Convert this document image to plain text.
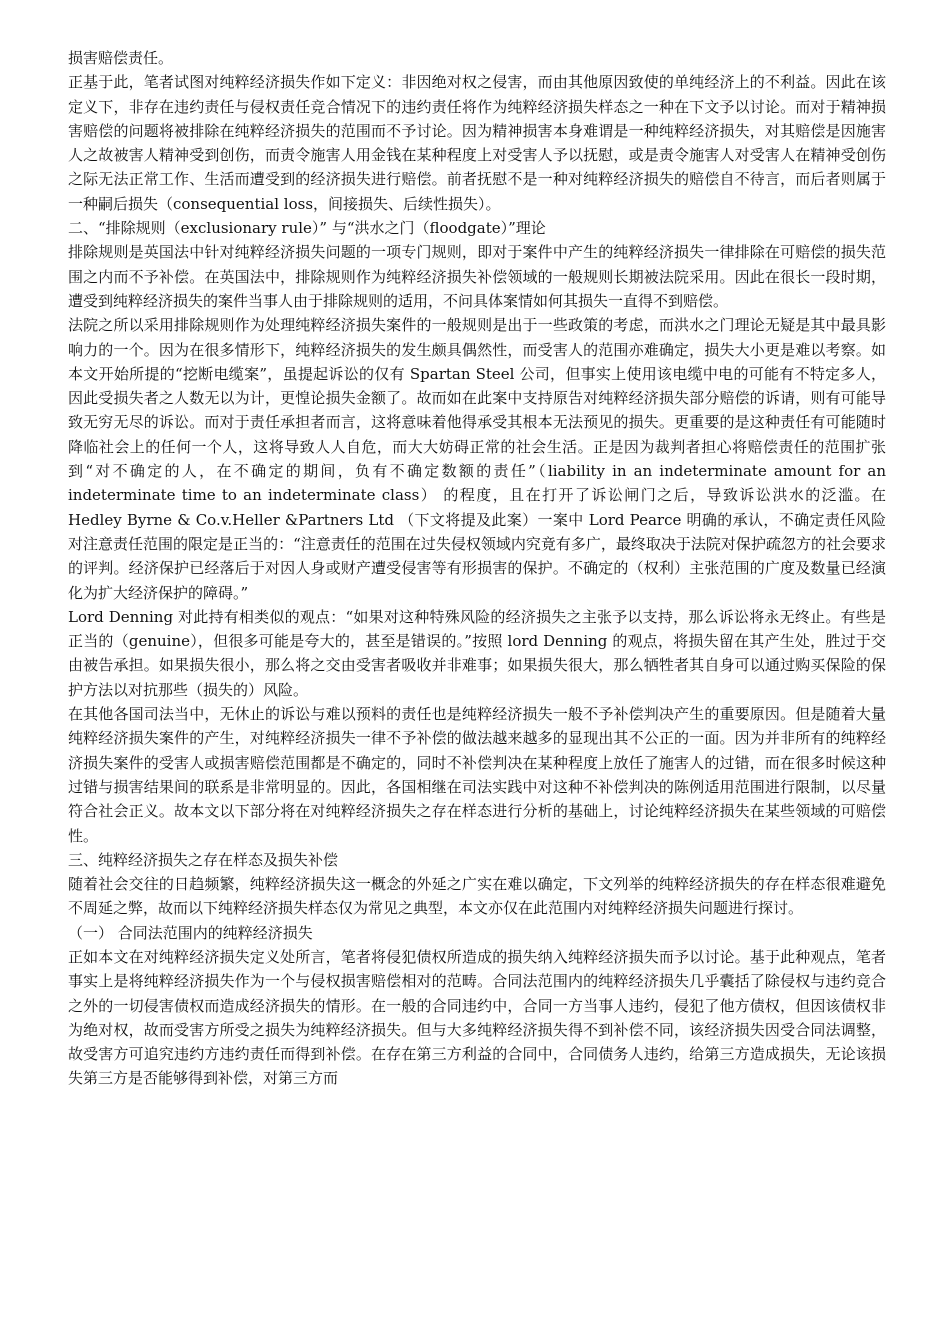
损害赔偿责任。

正基于此，笔者试图对纯粹经济损失作如下定义：非因绝对权之侵害，而由其他原因致使的单纯经济上的不利益。因此在该定义下，非存在违约责任与侵权责任竞合情况下的违约责任将作为纯粹经济损失样态之一种在下文予以讨论。而对于精神损害赔偿的问题将被排除在纯粹经济损失的范围而不予讨论。因为精神损害本身难谓是一种纯粹经济损失，对其赔偿是因施害人之故被害人精神受到创伤，而责令施害人用金钱在某种程度上对受害人予以抚慰，或是责令施害人对受害人在精神受创伤之际无法正常工作、生活而遭受到的经济损失进行赔偿。前者抚慰不是一种对纯粹经济损失的赔偿自不待言，而后者则属于一种嗣后损失（consequential loss，间接损失、后续性损失）。

二、“排除规则（exclusionary rule）” 与“洪水之门（floodgate）”理论

排除规则是英国法中针对纯粹经济损失问题的一项专门规则，即对于案件中产生的纯粹经济损失一律排除在可赔偿的损失范围之内而不予补偿。在英国法中，排除规则作为纯粹经济损失补偿领域的一般规则长期被法院采用。因此在很长一段时期，遭受到纯粹经济损失的案件当事人由于排除规则的适用，不问具体案情如何其损失一直得不到赔偿。

法院之所以采用排除规则作为处理纯粹经济损失案件的一般规则是出于一些政策的考虑，而洪水之门理论无疑是其中最具影响力的一个。因为在很多情形下，纯粹经济损失的发生颇具偶然性，而受害人的范围亦难确定，损失大小更是难以考察。如本文开始所提的“挖断电缆案”，虽提起诉讼的仅有 Spartan Steel 公司，但事实上使用该电缆中电的可能有不特定多人，因此受损失者之人数无以为计，更惶论损失金额了。故而如在此案中支持原告对纯粹经济损失部分赔偿的诉请，则有可能导致无穷无尽的诉讼。而对于责任承担者而言，这将意味着他得承受其根本无法预见的损失。更重要的是这种责任有可能随时降临社会上的任何一个人，这将导致人人自危，而大大妨碍正常的社会生活。正是因为裁判者担心将赔偿责任的范围扩张到“对不确定的人，在不确定的期间，负有不确定数额的责任”（liability in an indeterminate amount for an indeterminate time to an indeterminate class） 的程度，且在打开了诉讼闸门之后，导致诉讼洪水的泛滥。在 Hedley Byrne & Co.v.Heller &Partners Ltd （下文将提及此案）一案中 Lord Pearce 明确的承认，不确定责任风险对注意责任范围的限定是正当的：“注意责任的范围在过失侵权领域内究竟有多广，最终取决于法院对保护疏忽方的社会要求的评判。经济保护已经落后于对因人身或财产遭受侵害等有形损害的保护。不确定的（权利）主张范围的广度及数量已经演化为扩大经济保护的障碍。”

Lord Denning 对此持有相类似的观点：“如果对这种特殊风险的经济损失之主张予以支持，那么诉讼将永无终止。有些是正当的（genuine），但很多可能是夸大的，甚至是错误的。”按照 lord Denning 的观点，将损失留在其产生处，胜过于交由被告承担。如果损失很小，那么将之交由受害者吸收并非难事；如果损失很大，那么牺牲者其自身可以通过购买保险的保护方法以对抗那些（损失的）风险。

在其他各国司法当中，无休止的诉讼与难以预料的责任也是纯粹经济损失一般不予补偿判决产生的重要原因。但是随着大量纯粹经济损失案件的产生，对纯粹经济损失一律不予补偿的做法越来越多的显现出其不公正的一面。因为并非所有的纯粹经济损失案件的受害人或损害赔偿范围都是不确定的，同时不补偿判决在某种程度上放任了施害人的过错，而在很多时候这种过错与损害结果间的联系是非常明显的。因此，各国相继在司法实践中对这种不补偿判决的陈例适用范围进行限制，以尽量符合社会正义。故本文以下部分将在对纯粹经济损失之存在样态进行分析的基础上，讨论纯粹经济损失在某些领域的可赔偿性。

三、纯粹经济损失之存在样态及损失补偿

随着社会交往的日趋频繁，纯粹经济损失这一概念的外延之广实在难以确定，下文列举的纯粹经济损失的存在样态很难避免不周延之弊，故而以下纯粹经济损失样态仅为常见之典型，本文亦仅在此范围内对纯粹经济损失问题进行探讨。

（一） 合同法范围内的纯粹经济损失

正如本文在对纯粹经济损失定义处所言，笔者将侵犯债权所造成的损失纳入纯粹经济损失而予以讨论。基于此种观点，笔者事实上是将纯粹经济损失作为一个与侵权损害赔偿相对的范畴。合同法范围内的纯粹经济损失几乎囊括了除侵权与违约竞合之外的一切侵害债权而造成经济损失的情形。在一般的合同违约中，合同一方当事人违约，侵犯了他方债权，但因该债权非为绝对权，故而受害方所受之损失为纯粹经济损失。但与大多纯粹经济损失得不到补偿不同，该经济损失因受合同法调整，故受害方可追究违约方违约责任而得到补偿。在存在第三方利益的合同中，合同债务人违约，给第三方造成损失，无论该损失第三方是否能够得到补偿，对第三方而
